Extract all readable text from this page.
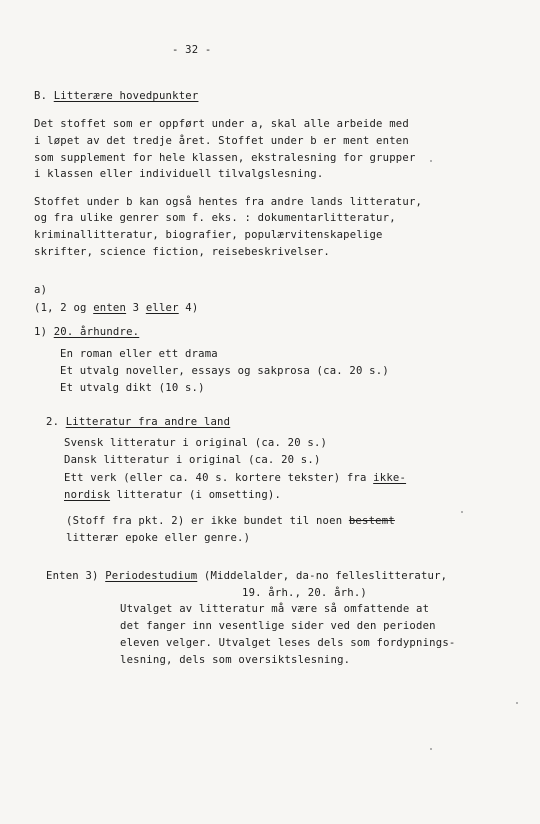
- 32 -
B. Litterære hovedpunkter
Det stoffet som er oppført under a, skal alle arbeide med
i løpet av det tredje året. Stoffet under b er ment enten
som supplement for hele klassen, ekstralesning for grupper
i klassen eller individuell tilvalgslesning.
Stoffet under b kan også hentes fra andre lands litteratur,
og fra ulike genrer som f. eks. : dokumentarlitteratur,
kriminallitteratur, biografier, populærvitenskapelige
skrifter, science fiction, reisebeskrivelser.
a)
(1, 2 og enten 3 eller 4)
1) 20. århundre.
En roman eller ett drama
Et utvalg noveller, essays og sakprosa (ca. 20 s.)
Et utvalg dikt (10 s.)
2. Litteratur fra andre land
Svensk litteratur i original (ca. 20 s.)
Dansk litteratur i original (ca. 20 s.)
Ett verk (eller ca. 40 s. kortere tekster) fra ikke-
nordisk litteratur (i omsetting).
(Stoff fra pkt. 2) er ikke bundet til noen bestemt
litterær epoke eller genre.)
Enten 3) Periodestudium (Middelalder, da-no felleslitteratur,
19. årh., 20. årh.)
Utvalget av litteratur må være så omfattende at
det fanger inn vesentlige sider ved den perioden
eleven velger. Utvalget leses dels som fordypnings-
lesning, dels som oversiktslesning.
